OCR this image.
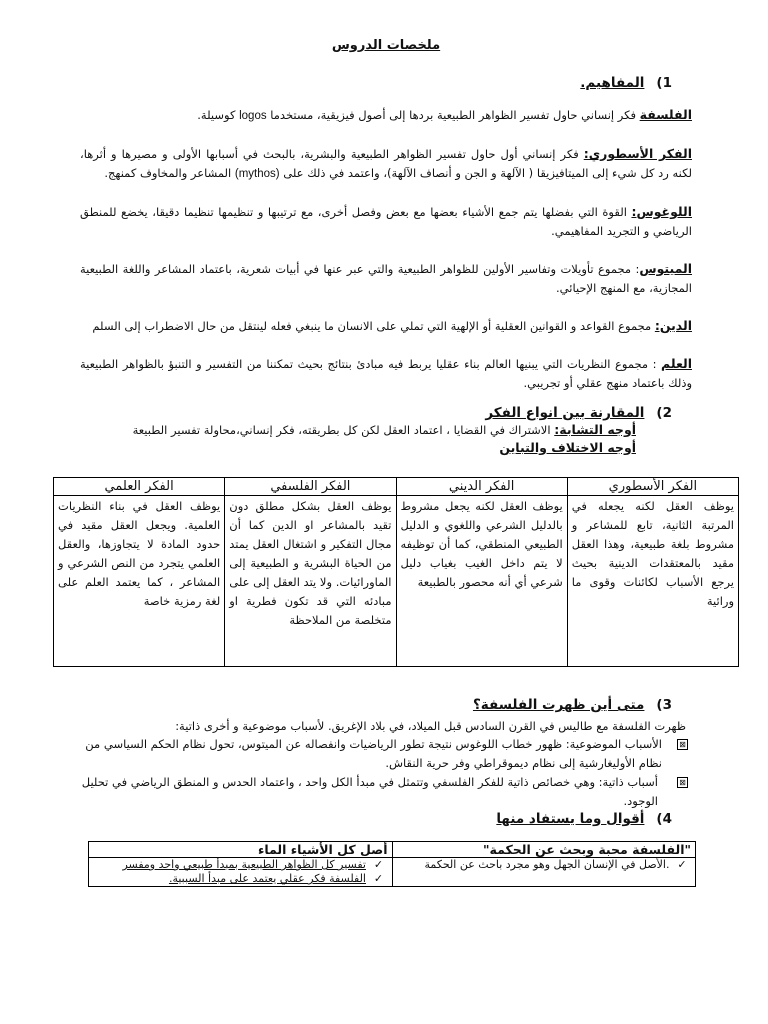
ملخصات الدروس
1)
المفاهيم.

الفلسفة فكر إنساني حاول تفسير الظواهر الطبيعية بردها إلى أصول فيزيقية، مستخدما logos كوسيلة.

الفكر الأسطوري: فكر إنساني أول حاول تفسير الظواهر الطبيعية والبشرية، بالبحث في أسبابها الأولى و مصيرها و أثرها، لكنه رد كل شيء إلى الميتافيزيقا ( الآلهة و الجن و أنصاف الآلهة)، واعتمد في ذلك على (mythos) المشاعر والمخاوف كمنهج.

اللوغوس: القوة التي بفضلها يتم جمع الأشياء بعضها مع بعض وفصل أخرى، مع ترتيبها و تنظيمها تنظيما دقيقا، يخضع للمنطق الرياضي و التجريد المفاهيمي.

الميتوس: مجموع تأويلات وتفاسير الأولين للظواهر الطبيعية والتي عبر عنها في أبيات شعرية، باعتماد المشاعر واللغة الطبيعية المجازية، مع المنهج الإحيائي.

الدين: مجموع القواعد و القوانين العقلية أو الإلهية التي تملي على الانسان ما ينبغي فعله لينتقل من حال الاضطراب إلى السلم

العلم : مجموع النظريات التي يبنيها العالم بناء عقليا يربط فيه مبادئ بنتائج بحيث تمكننا من التفسير و التنبؤ بالظواهر الطبيعية وذلك باعتماد منهج عقلي أو تجريبي.

2)
المقارنة بين انواع الفكر
أوجه التشابة: الاشتراك في القضايا ، اعتماد العقل لكن كل بطريقته، فكر إنساني،محاولة تفسير الطبيعة
أوجه الاختلاف والتباين
الفكر الأسطوري	الفكر الديني	الفكر الفلسفي	الفكر العلمي
يوظف العقل لكنه يجعله في المرتبة الثانية، تابع للمشاعر و مشروط بلغة طبيعية، وهذا العقل مقيد بالمعتقدات الدينية بحيث يرجع الأسباب لكائنات وقوى ما ورائية	يوظف العقل لكنه يجعل مشروط بالدليل الشرعي واللغوي و الدليل الطبيعي المنطقي، كما أن توظيفه لا يتم داخل الغيب بغياب دليل شرعي أي أنه محصور بالطبيعة	يوظف العقل بشكل مطلق دون تقيد بالمشاعر او الدين كما أن مجال التفكير و اشتغال العقل يمتد من الحياة البشرية و الطبيعية إلى الماورائيات. ولا يتد العقل إلى على مبادئه التي قد تكون فطرية او متخلصة من الملاحظة	يوظف العقل في بناء النظريات العلمية. ويجعل العقل مقيد في حدود المادة لا يتجاوزها، والعقل العلمي يتجرد من النص الشرعي و المشاعر ، كما يعتمد العلم على لغة رمزية خاصة
3)
متى أين ظهرت الفلسفة؟
ظهرت الفلسفة مع طاليس في القرن السادس قبل الميلاد، في بلاد الإغريق. لأسباب موضوعية و أخرى ذاتية:
⊠
الأسباب الموضوعية: ظهور خطاب اللوغوس نتيجة تطور الرياضيات وانفصاله عن الميتوس، تحول نظام الحكم السياسي من نظام الأوليغارشية إلى نظام ديموقراطي وفر حرية النقاش.
⊠
أسباب ذاتية: وهي خصائص ذاتية للفكر الفلسفي وتتمثل في مبدأ الكل واحد ، واعتماد الحدس و المنطق الرياضي في تحليل الوجود.
4)
أقوال وما يستفاد منها
"الفلسفة محبة وبحث عن الحكمة"	أصل كل الأشياء الماء
✓ .الأصل في الإنسان الجهل وهو مجرد باحث عن الحكمة	✓ تفسير كل الظواهر الطبيعية بمبدأ طبيعي واحد ومفسر
✓ الفلسفة فكر عقلي يعتمد على مبدأ السببية.
